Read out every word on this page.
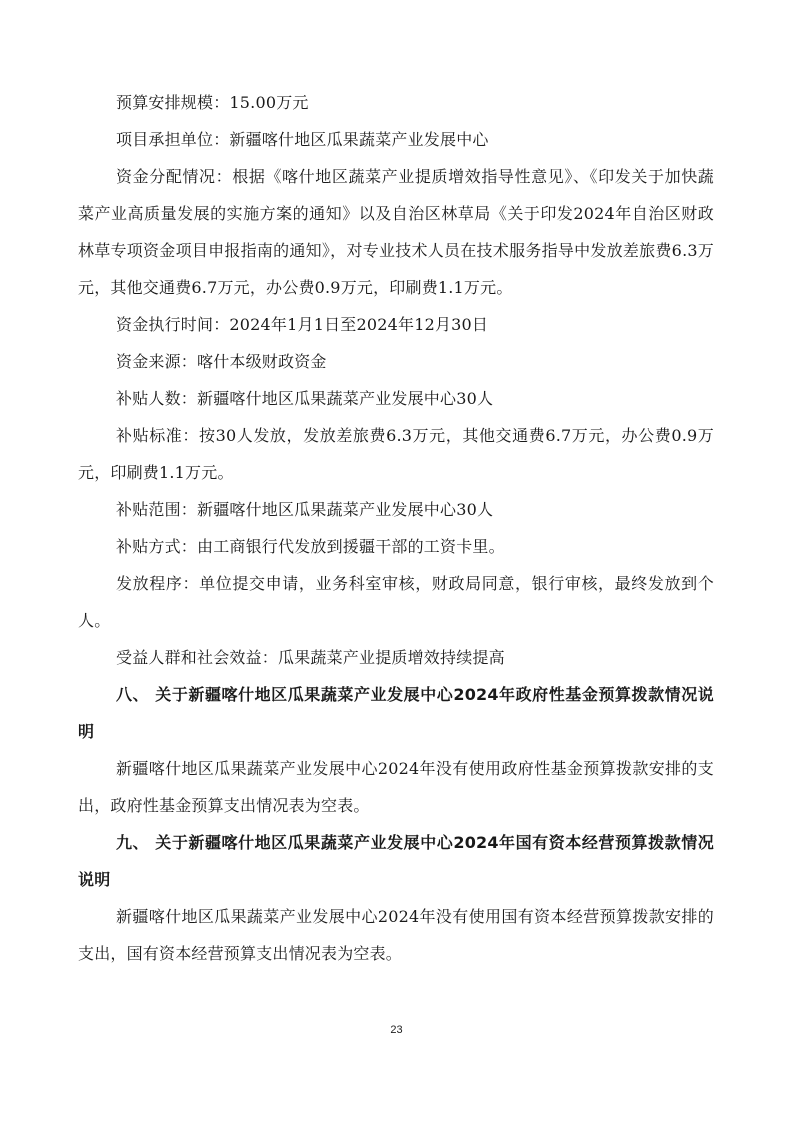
预算安排规模：15.00万元

项目承担单位：新疆喀什地区瓜果蔬菜产业发展中心

资金分配情况：根据《喀什地区蔬菜产业提质增效指导性意见》、《印发关于加快蔬菜产业高质量发展的实施方案的通知》以及自治区林草局《关于印发2024年自治区财政林草专项资金项目申报指南的通知》，对专业技术人员在技术服务指导中发放差旅费6.3万元，其他交通费6.7万元，办公费0.9万元，印刷费1.1万元。

资金执行时间：2024年1月1日至2024年12月30日

资金来源：喀什本级财政资金

补贴人数：新疆喀什地区瓜果蔬菜产业发展中心30人

补贴标准：按30人发放，发放差旅费6.3万元，其他交通费6.7万元，办公费0.9万元，印刷费1.1万元。

补贴范围：新疆喀什地区瓜果蔬菜产业发展中心30人

补贴方式：由工商银行代发放到援疆干部的工资卡里。

发放程序：单位提交申请，业务科室审核，财政局同意，银行审核，最终发放到个人。

受益人群和社会效益：瓜果蔬菜产业提质增效持续提高

八、 关于新疆喀什地区瓜果蔬菜产业发展中心2024年政府性基金预算拨款情况说明

新疆喀什地区瓜果蔬菜产业发展中心2024年没有使用政府性基金预算拨款安排的支出，政府性基金预算支出情况表为空表。

九、 关于新疆喀什地区瓜果蔬菜产业发展中心2024年国有资本经营预算拨款情况说明

新疆喀什地区瓜果蔬菜产业发展中心2024年没有使用国有资本经营预算拨款安排的支出，国有资本经营预算支出情况表为空表。

23
